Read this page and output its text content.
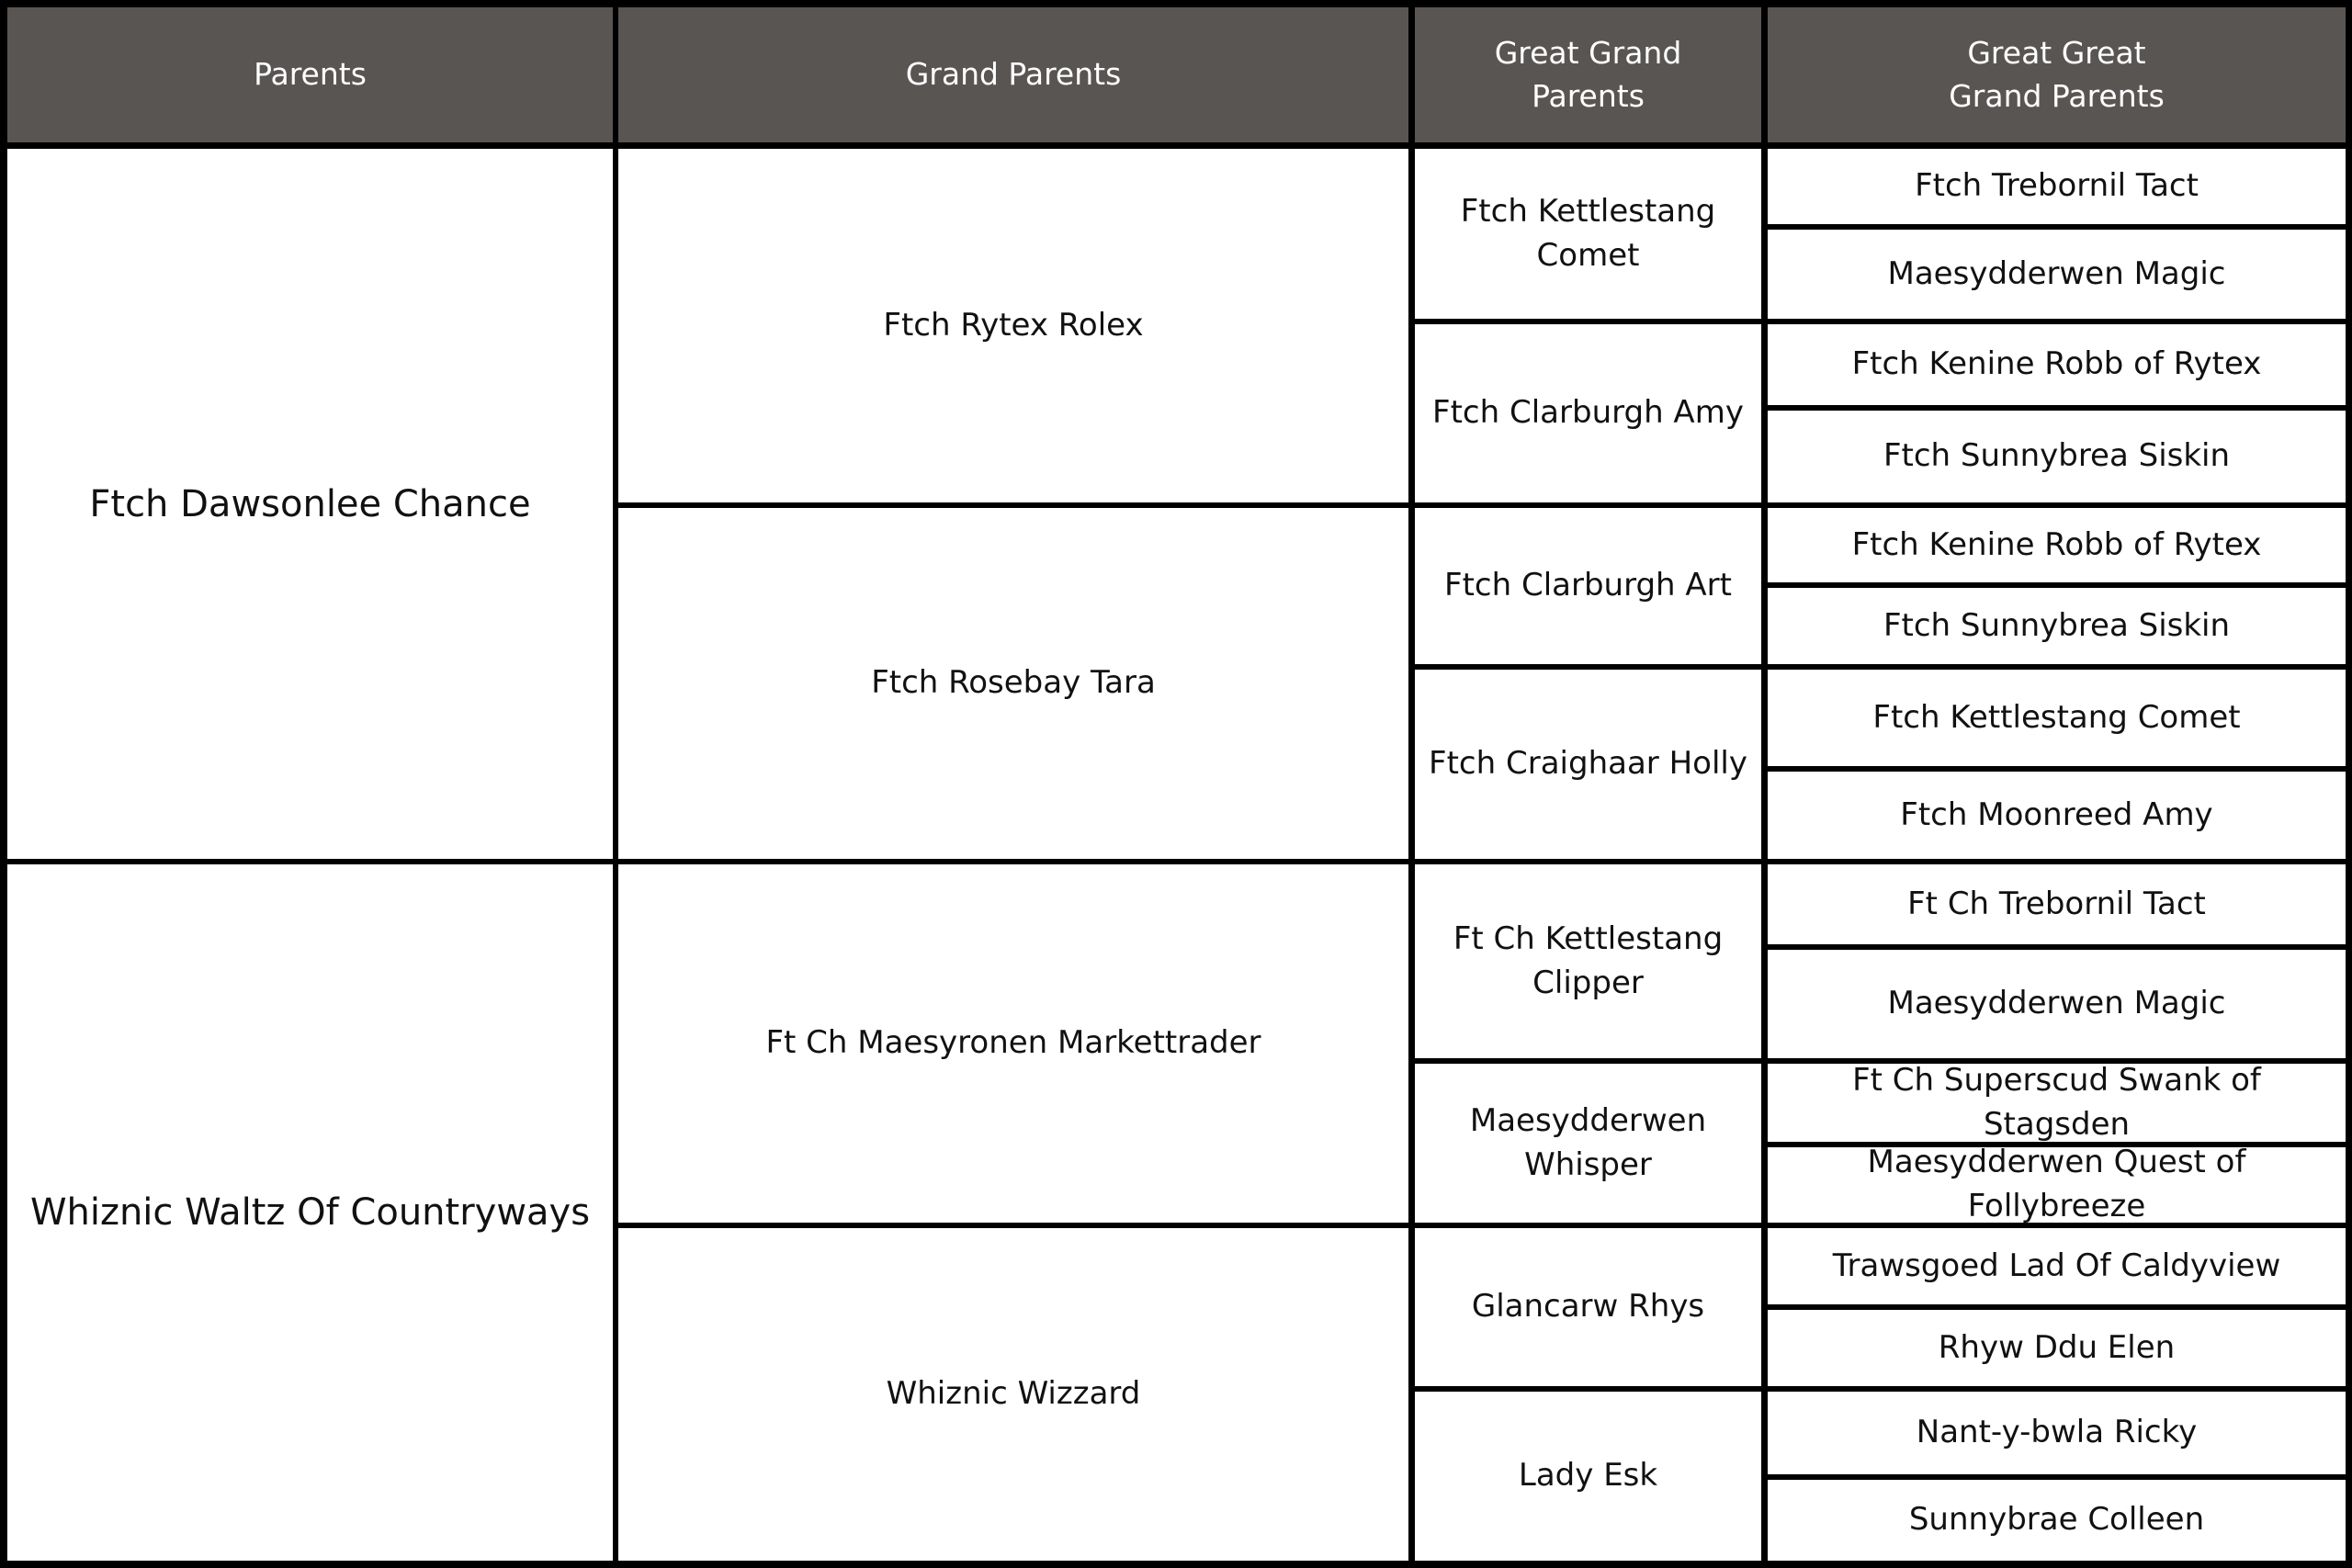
Parents	Grand Parents
Great Grand
Parents
Great Great
Grand Parents
Ftch Dawsonlee Chance
Whiznic Waltz Of Countryways
Ftch Rytex Rolex
Ftch Rosebay Tara
Ft Ch Maesyronen Markettrader
Whiznic Wizzard
Ftch Kettlestang
Comet
Ftch Clarburgh Amy
Ftch Clarburgh Art
Ftch Craighaar Holly
Ft Ch Kettlestang
Clipper
Maesydderwen
Whisper
Glancarw Rhys
Lady Esk
Ftch Trebornil Tact
Maesydderwen Magic
Ftch Kenine Robb of Rytex
Ftch Sunnybrea Siskin
Ftch Kenine Robb of Rytex
Ftch Sunnybrea Siskin
Ftch Kettlestang Comet
Ftch Moonreed Amy
Ft Ch Trebornil Tact
Maesydderwen Magic
Ft Ch Superscud Swank of Stagsden
Maesydderwen Quest of Follybreeze
Trawsgoed Lad Of Caldyview
Rhyw Ddu Elen
Nant-y-bwla Ricky
Sunnybrae Colleen
